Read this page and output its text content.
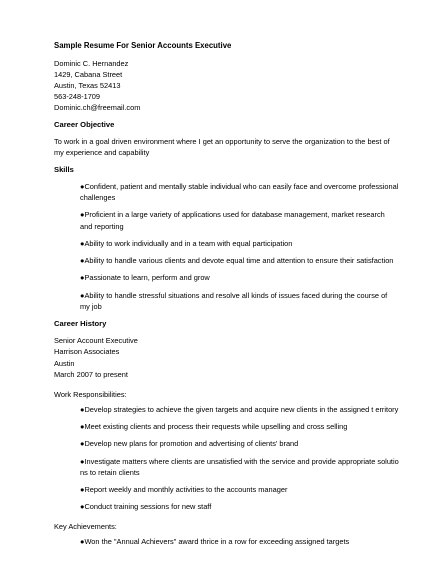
Sample Resume For Senior Accounts Executive
Dominic C. Hernandez
1429, Cabana Street
Austin, Texas 52413
563-248-1709
Dominic.ch@freemail.com
Career Objective
To work in a goal driven environment where I get an opportunity to serve the organization to the best of my experience and capability
Skills
●Confident, patient and mentally stable individual who can easily face and overcome professional challenges
●Proficient in a large variety of applications used for database management, market research and reporting
●Ability to work individually and in a team with equal participation
●Ability to handle various clients and devote equal time and attention to ensure their satisfaction
●Passionate to learn, perform and grow
●Ability to handle stressful situations and resolve all kinds of issues faced during the course of my job
Career History
Senior Account Executive
Harrison Associates
Austin
March 2007 to present
Work Responsibilities:
●Develop strategies to achieve the given targets and acquire new clients in the assigned t erritory
●Meet existing clients and process their requests while upselling and cross selling
●Develop new plans for promotion and advertising of clients' brand
●Investigate matters where clients are unsatisfied with the service and provide appropriate solutio ns to retain clients
●Report weekly and monthly activities to the accounts manager
●Conduct training sessions for new staff
Key Achievements:
●Won the "Annual Achievers" award thrice in a row for exceeding assigned targets
